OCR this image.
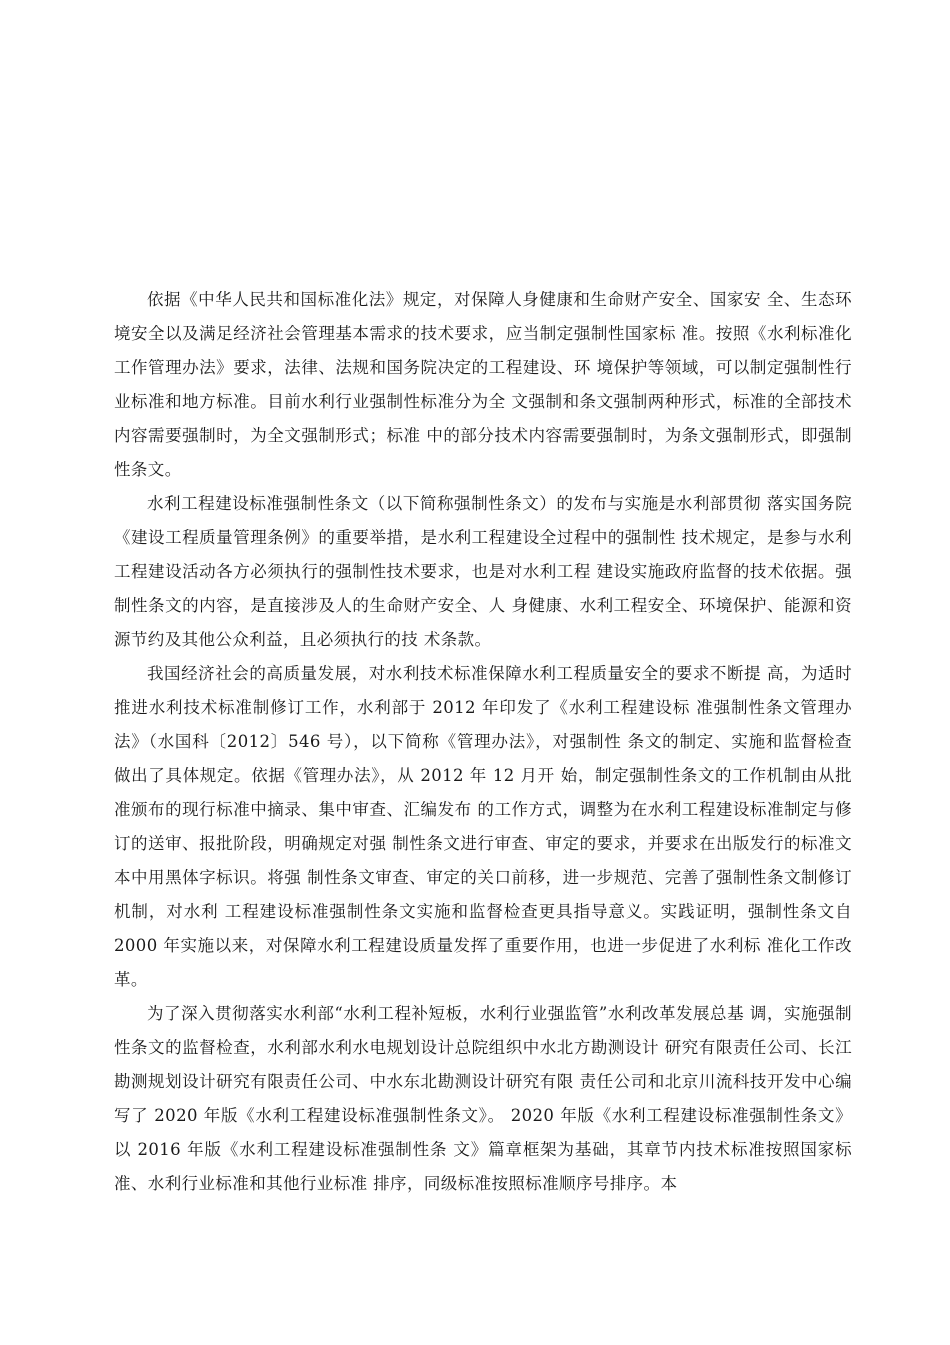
依据《中华人民共和国标准化法》规定，对保障人身健康和生命财产安全、国家安 全、生态环境安全以及满足经济社会管理基本需求的技术要求，应当制定强制性国家标 准。按照《水利标准化工作管理办法》要求，法律、法规和国务院决定的工程建设、环 境保护等领域，可以制定强制性行业标准和地方标准。目前水利行业强制性标准分为全 文强制和条文强制两种形式，标准的全部技术内容需要强制时，为全文强制形式；标准 中的部分技术内容需要强制时，为条文强制形式，即强制性条文。

水利工程建设标准强制性条文（以下简称强制性条文）的发布与实施是水利部贯彻 落实国务院《建设工程质量管理条例》的重要举措，是水利工程建设全过程中的强制性 技术规定，是参与水利工程建设活动各方必须执行的强制性技术要求，也是对水利工程 建设实施政府监督的技术依据。强制性条文的内容，是直接涉及人的生命财产安全、人 身健康、水利工程安全、环境保护、能源和资源节约及其他公众利益，且必须执行的技 术条款。

我国经济社会的高质量发展，对水利技术标准保障水利工程质量安全的要求不断提 高，为适时推进水利技术标准制修订工作，水利部于 2012 年印发了《水利工程建设标 准强制性条文管理办法》（水国科〔2012〕546 号），以下简称《管理办法》，对强制性 条文的制定、实施和监督检查做出了具体规定。依据《管理办法》，从 2012 年 12 月开 始，制定强制性条文的工作机制由从批准颁布的现行标准中摘录、集中审查、汇编发布 的工作方式，调整为在水利工程建设标准制定与修订的送审、报批阶段，明确规定对强 制性条文进行审查、审定的要求，并要求在出版发行的标准文本中用黑体字标识。将强 制性条文审查、审定的关口前移，进一步规范、完善了强制性条文制修订机制，对水利 工程建设标准强制性条文实施和监督检查更具指导意义。实践证明，强制性条文自 2000 年实施以来，对保障水利工程建设质量发挥了重要作用，也进一步促进了水利标 准化工作改革。

为了深入贯彻落实水利部“水利工程补短板，水利行业强监管”水利改革发展总基 调，实施强制性条文的监督检查，水利部水利水电规划设计总院组织中水北方勘测设计 研究有限责任公司、长江勘测规划设计研究有限责任公司、中水东北勘测设计研究有限 责任公司和北京川流科技开发中心编写了 2020 年版《水利工程建设标准强制性条文》。 2020 年版《水利工程建设标准强制性条文》以 2016 年版《水利工程建设标准强制性条 文》篇章框架为基础，其章节内技术标准按照国家标准、水利行业标准和其他行业标准 排序，同级标准按照标准顺序号排序。本
